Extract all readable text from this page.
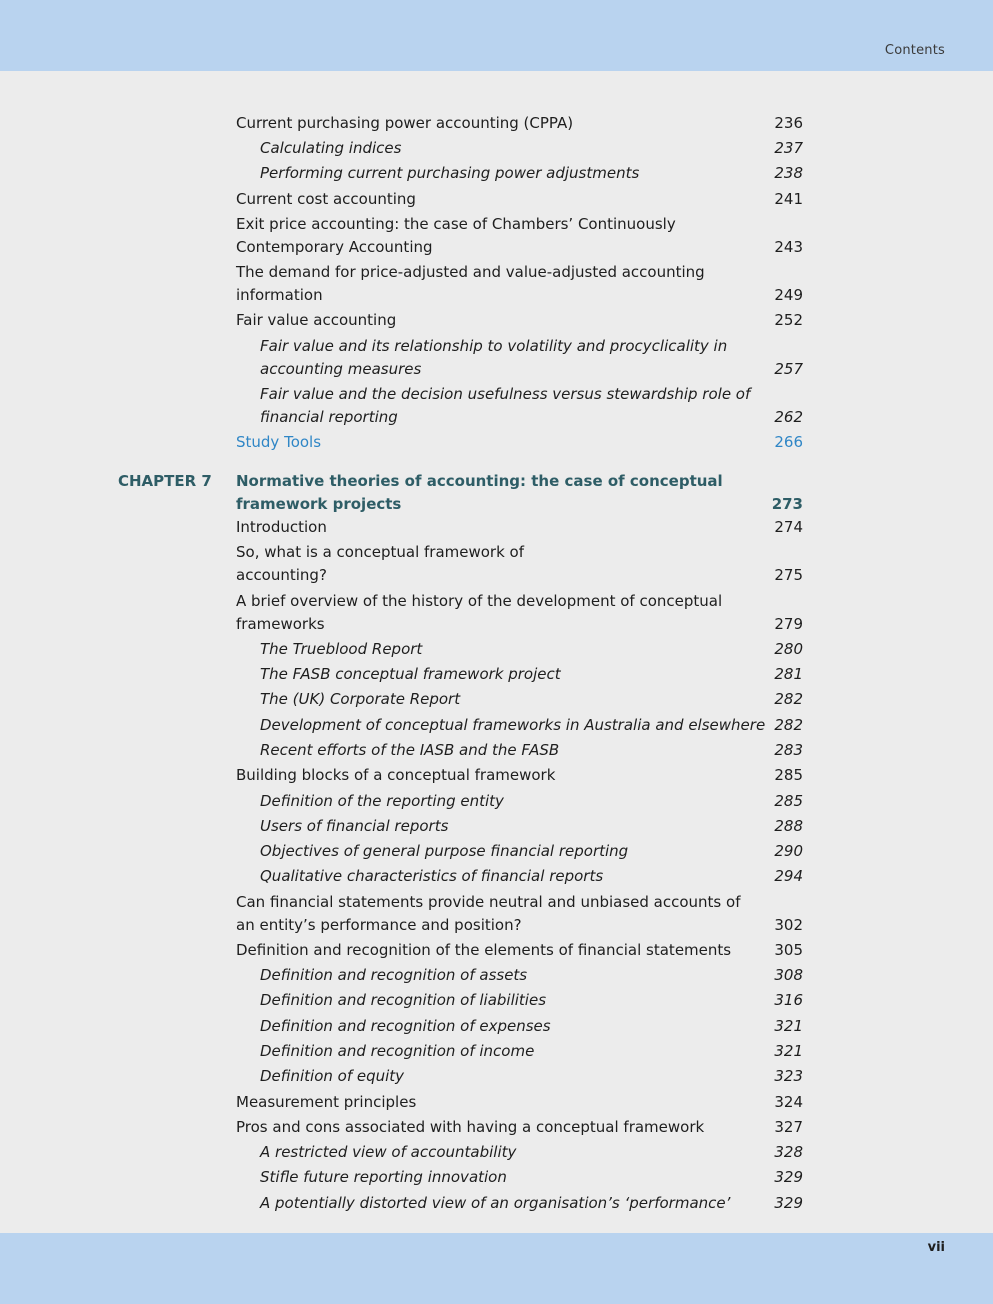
Contents
Current purchasing power accounting (CPPA)	236
Calculating indices	237
Performing current purchasing power adjustments	238
Current cost accounting	241
Exit price accounting: the case of Chambers’ Continuously Contemporary Accounting	243
The demand for price-adjusted and value-adjusted accounting information	249
Fair value accounting	252
Fair value and its relationship to volatility and procyclicality in accounting measures	257
Fair value and the decision usefulness versus stewardship role of financial reporting	262
Study Tools	266
CHAPTER 7 Normative theories of accounting: the case of conceptual framework projects	273
Introduction	274
So, what is a conceptual framework of accounting?	275
A brief overview of the history of the development of conceptual frameworks	279
The Trueblood Report	280
The FASB conceptual framework project	281
The (UK) Corporate Report	282
Development of conceptual frameworks in Australia and elsewhere 282
Recent efforts of the IASB and the FASB	283
Building blocks of a conceptual framework	285
Definition of the reporting entity	285
Users of financial reports	288
Objectives of general purpose financial reporting	290
Qualitative characteristics of financial reports	294
Can financial statements provide neutral and unbiased accounts of an entity’s performance and position?	302
Definition and recognition of the elements of financial statements	305
Definition and recognition of assets	308
Definition and recognition of liabilities	316
Definition and recognition of expenses	321
Definition and recognition of income	321
Definition of equity	323
Measurement principles	324
Pros and cons associated with having a conceptual framework	327
A restricted view of accountability	328
Stifle future reporting innovation	329
A potentially distorted view of an organisation’s ‘performance’	329
vii
